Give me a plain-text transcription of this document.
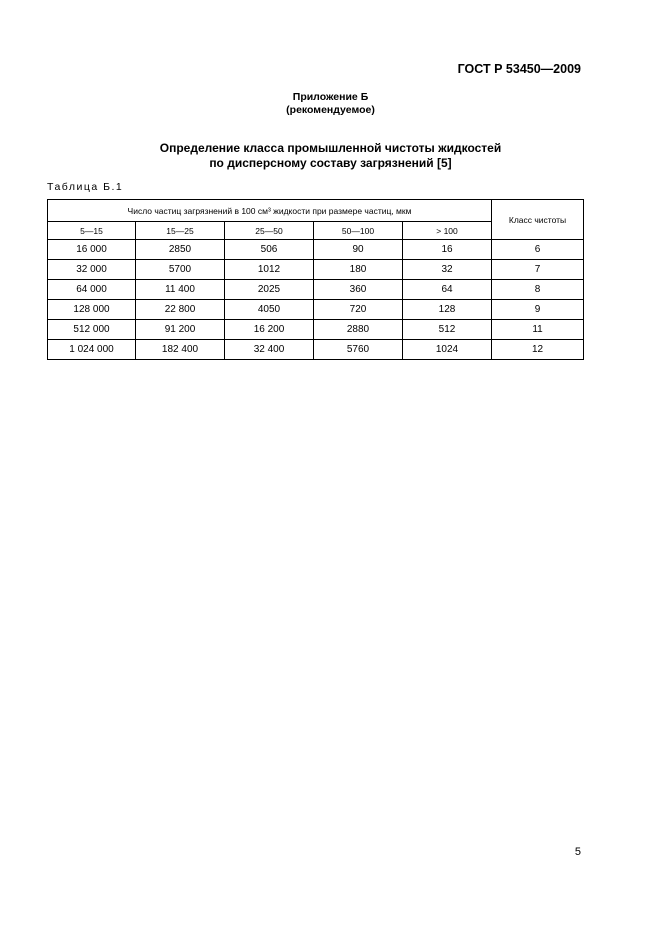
ГОСТ Р 53450—2009
Приложение Б
(рекомендуемое)
Определение класса промышленной чистоты жидкостей
по дисперсному составу загрязнений [5]
Таблица Б.1
Число частиц загрязнений в 100 см³ жидкости при размере частиц, мкм					Класс чистоты
5—15	15—25	25—50	50—100	> 100	
16 000	2850	506	90	16	6
32 000	5700	1012	180	32	7
64 000	11 400	2025	360	64	8
128 000	22 800	4050	720	128	9
512 000	91 200	16 200	2880	512	11
1 024 000	182 400	32 400	5760	1024	12
5
